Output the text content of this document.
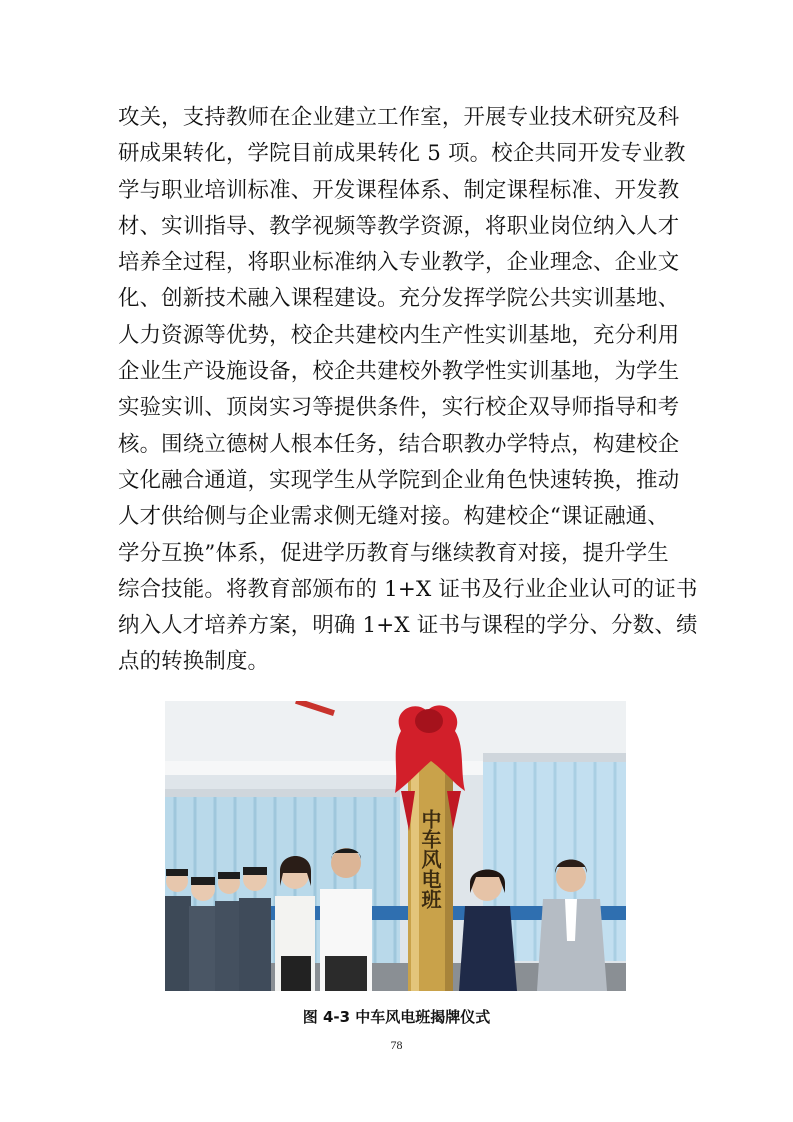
攻关，支持教师在企业建立工作室，开展专业技术研究及科
研成果转化，学院目前成果转化 5 项。校企共同开发专业教
学与职业培训标准、开发课程体系、制定课程标准、开发教
材、实训指导、教学视频等教学资源，将职业岗位纳入人才
培养全过程，将职业标准纳入专业教学，企业理念、企业文
化、创新技术融入课程建设。充分发挥学院公共实训基地、
人力资源等优势，校企共建校内生产性实训基地，充分利用
企业生产设施设备，校企共建校外教学性实训基地，为学生
实验实训、顶岗实习等提供条件，实行校企双导师指导和考
核。围绕立德树人根本任务，结合职教办学特点，构建校企
文化融合通道，实现学生从学院到企业角色快速转换，推动
人才供给侧与企业需求侧无缝对接。构建校企“课证融通、
学分互换”体系，促进学历教育与继续教育对接，提升学生
综合技能。将教育部颁布的 1+X 证书及行业企业认可的证书
纳入人才培养方案，明确 1+X 证书与课程的学分、分数、绩
点的转换制度。
中车风电班
图 4-3 中车风电班揭牌仪式
78
